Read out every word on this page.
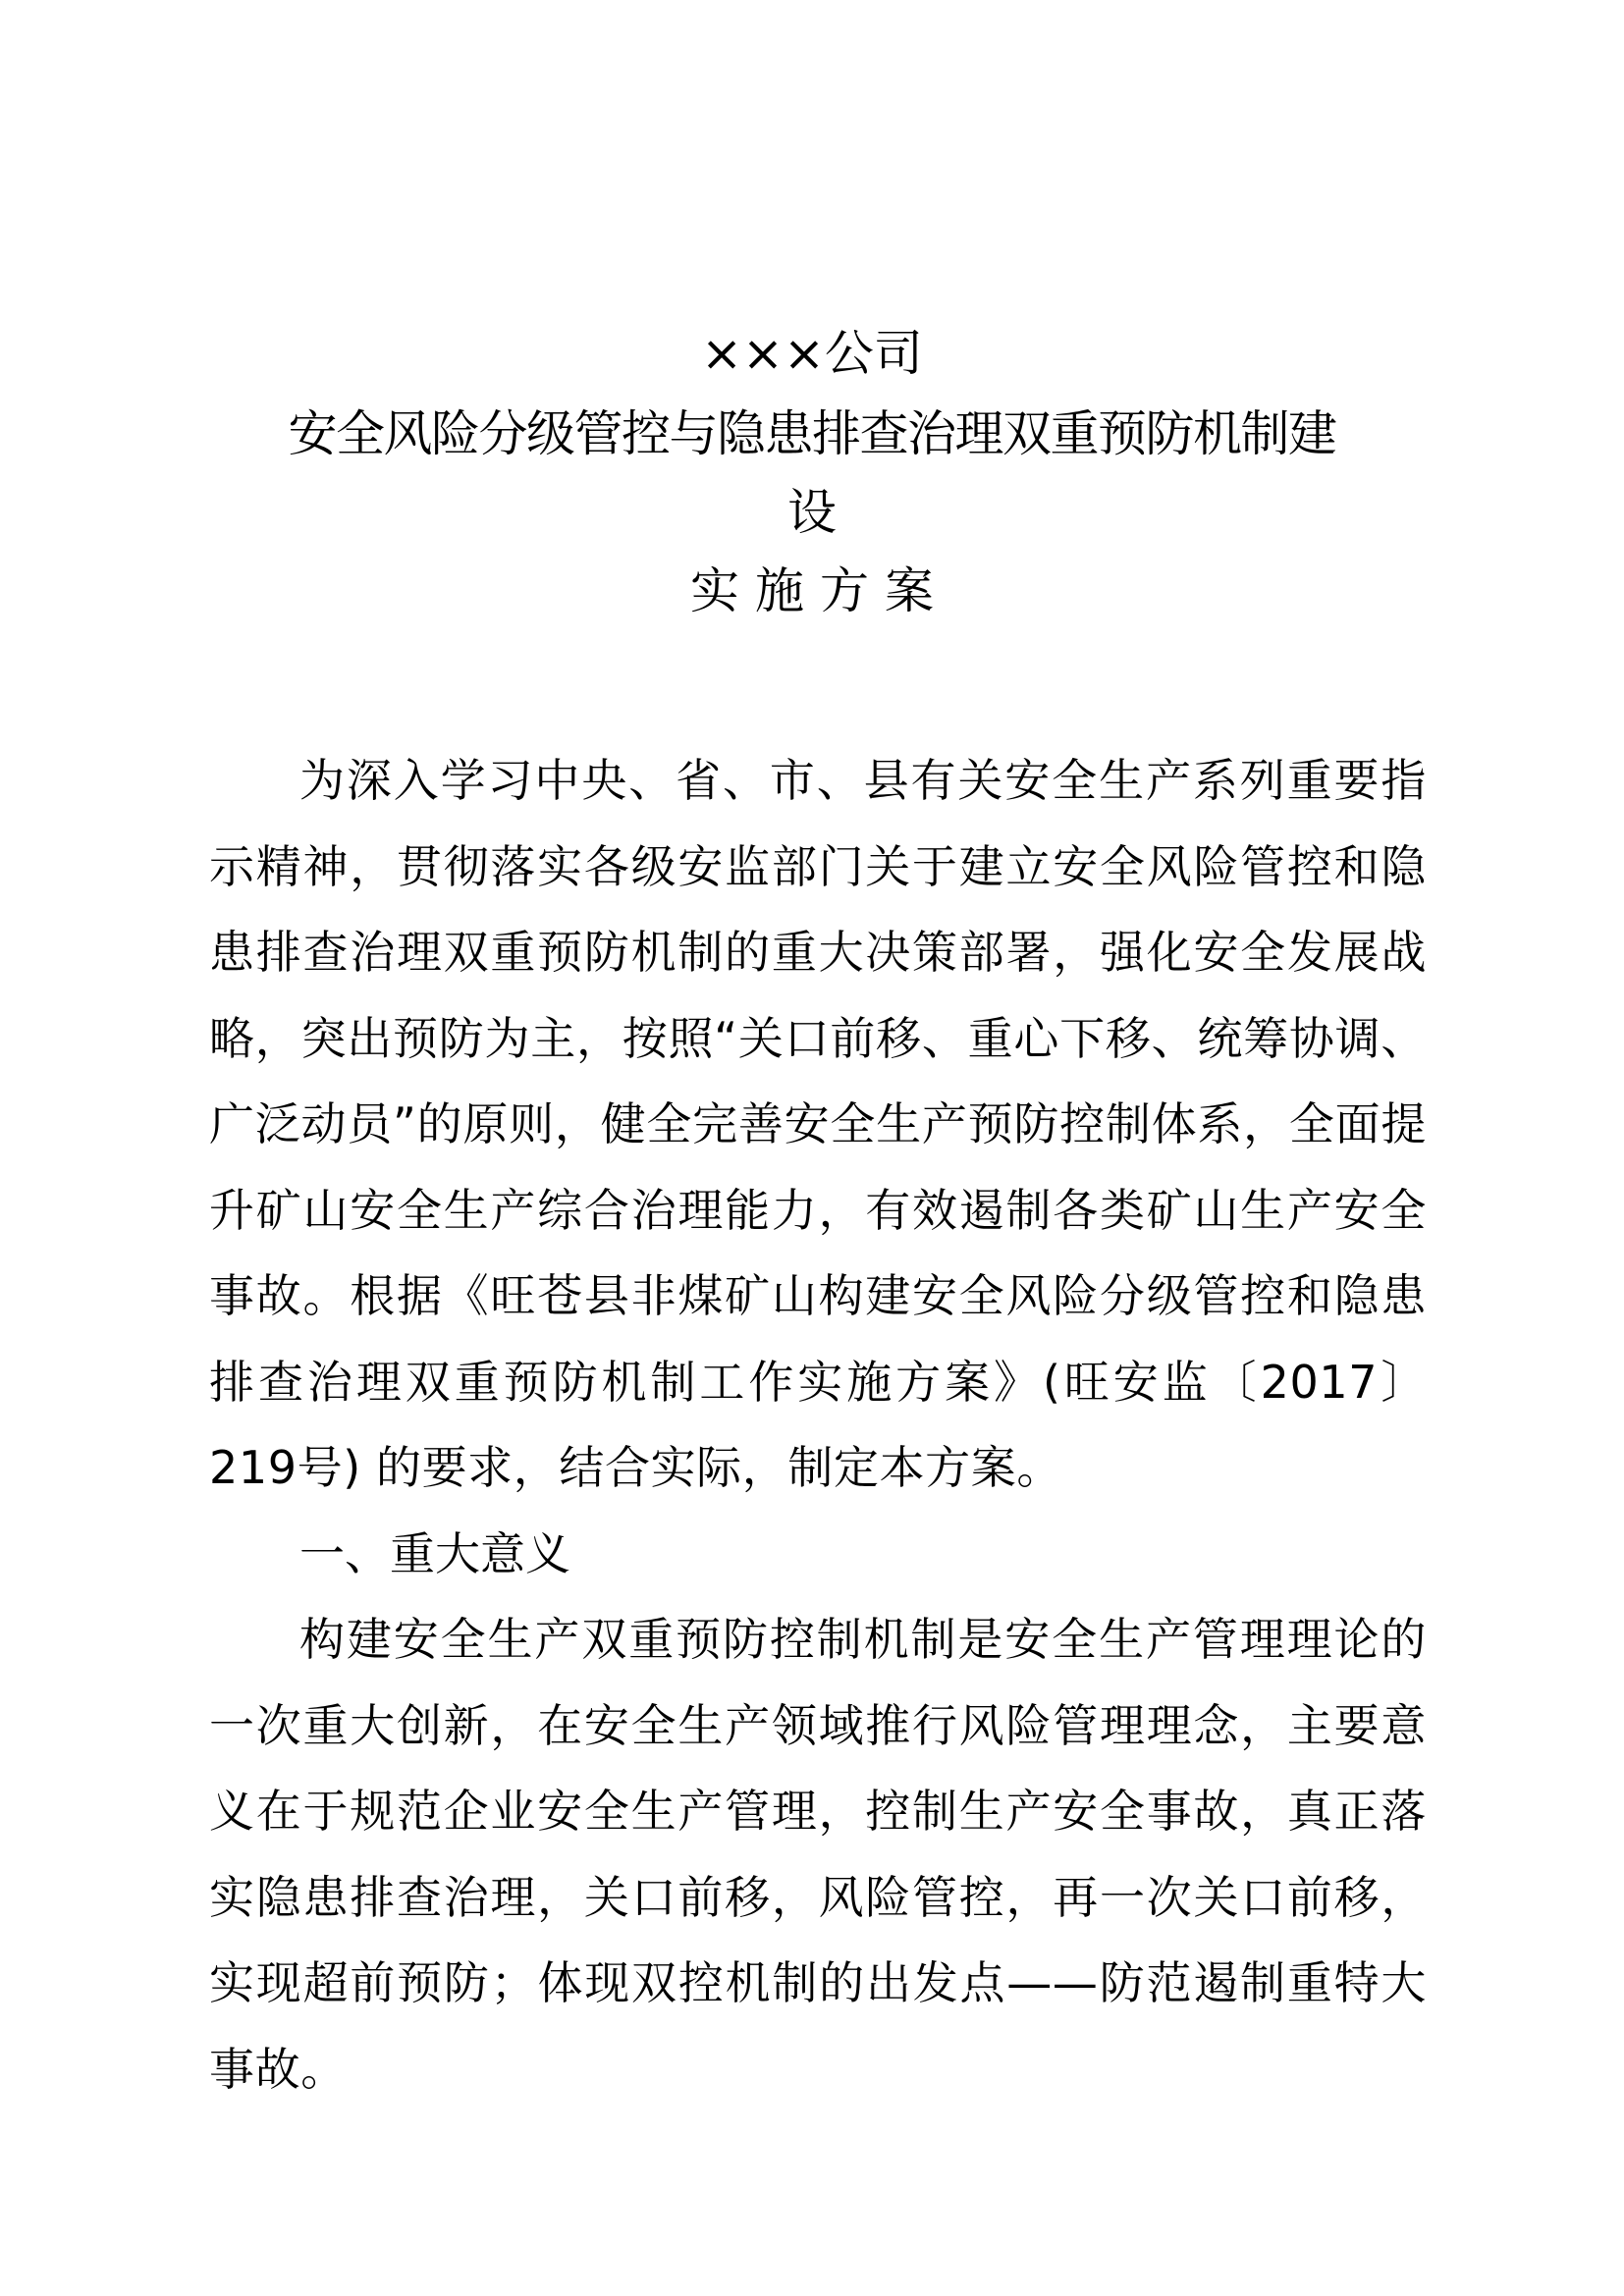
×××公司

安全风险分级管控与隐患排查治理双重预防机制建

设

实施方案

为深入学习中央、省、市、县有关安全生产系列重要指示精神，贯彻落实各级安监部门关于建立安全风险管控和隐患排查治理双重预防机制的重大决策部署，强化安全发展战略，突出预防为主，按照“关口前移、重心下移、统筹协调、广泛动员”的原则，健全完善安全生产预防控制体系，全面提升矿山安全生产综合治理能力，有效遏制各类矿山生产安全事故。根据《旺苍县非煤矿山构建安全风险分级管控和隐患排查治理双重预防机制工作实施方案》(旺安监〔2017〕219号) 的要求，结合实际，制定本方案。

一、重大意义

构建安全生产双重预防控制机制是安全生产管理理论的一次重大创新，在安全生产领域推行风险管理理念，主要意义在于规范企业安全生产管理，控制生产安全事故，真正落实隐患排查治理，关口前移，风险管控，再一次关口前移，实现超前预防；体现双控机制的出发点——防范遏制重特大事故。
